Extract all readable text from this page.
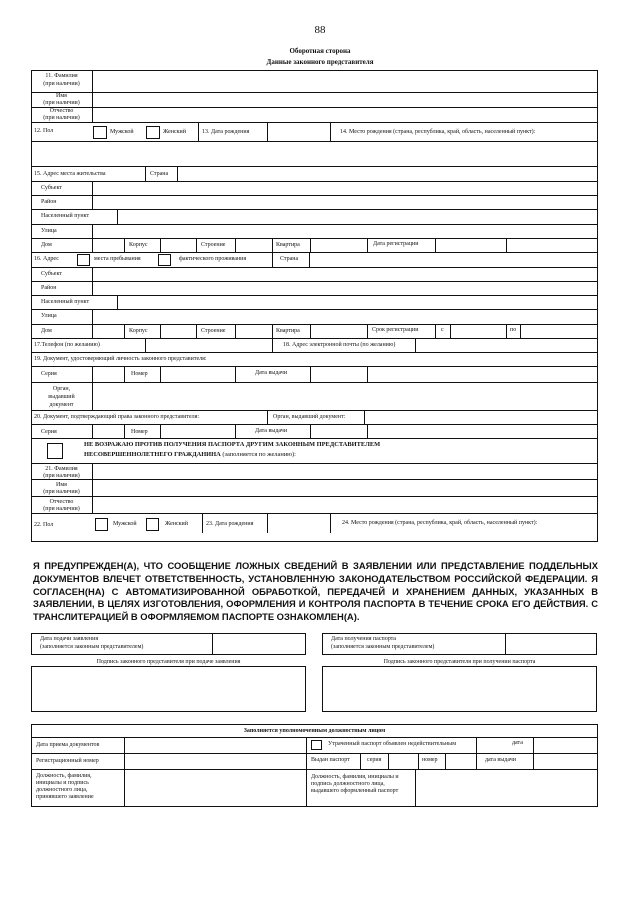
88
Оборотная сторона
Данные законного представителя
11. Фамилия
(при наличии)
Имя
(при наличии)
Отчество
(при наличии)
12. Пол	Мужской	Женский	13. Дата рождения	14. Место рождения (страна, республика, край, область, населенный пункт):
15. Адрес места жительства	Страна
Субъект
Район
Населенный пункт
Улица
Дом	Корпус	Строение	Квартира	Дата регистрации
16. Адрес	места пребывания	фактического проживания	Страна
Субъект
Район
Населенный пункт
Улица
Дом	Корпус	Строение	Квартира	Срок регистрации	с	по
17.Телефон (по желанию)	18. Адрес электронной почты (по желанию)
19. Документ, удостоверяющий личность законного представителя:
Серия	Номер	Дата выдачи
Орган,
выдавший
документ
20. Документ, подтверждающий права законного представителя:	Орган, выдавший документ:
Серия	Номер	Дата выдачи
НЕ ВОЗРАЖАЮ ПРОТИВ ПОЛУЧЕНИЯ ПАСПОРТА ДРУГИМ ЗАКОННЫМ ПРЕДСТАВИТЕЛЕМ
НЕСОВЕРШЕННОЛЕТНЕГО ГРАЖДАНИНА (заполняется по желанию):
21. Фамилия
(при наличии)
Имя
(при наличии)
Отчество
(при наличии)
22. Пол	Мужской	Женский	23. Дата рождения	24. Место рождения (страна, республика, край, область, населенный пункт):
Я ПРЕДУПРЕЖДЕН(А), ЧТО СООБЩЕНИЕ ЛОЖНЫХ СВЕДЕНИЙ В ЗАЯВЛЕНИИ ИЛИ ПРЕДСТАВЛЕНИЕ ПОДДЕЛЬНЫХ ДОКУМЕНТОВ ВЛЕЧЕТ ОТВЕТСТВЕННОСТЬ, УСТАНОВЛЕННУЮ ЗАКОНОДАТЕЛЬСТВОМ РОССИЙСКОЙ ФЕДЕРАЦИИ. Я СОГЛАСЕН(НА) С АВТОМАТИЗИРОВАННОЙ ОБРАБОТКОЙ, ПЕРЕДАЧЕЙ И ХРАНЕНИЕМ ДАННЫХ, УКАЗАННЫХ В ЗАЯВЛЕНИИ, В ЦЕЛЯХ ИЗГОТОВЛЕНИЯ, ОФОРМЛЕНИЯ И КОНТРОЛЯ ПАСПОРТА В ТЕЧЕНИЕ СРОКА ЕГО ДЕЙСТВИЯ. С ТРАНСЛИТЕРАЦИЕЙ В ОФОРМЛЯЕМОМ ПАСПОРТЕ ОЗНАКОМЛЕН(А).
Дата подачи заявления
(заполняется законным представителем)
Дата получения паспорта
(заполняется законным представителем)
Подпись законного представителя при подаче заявления	Подпись законного представителя при получении паспорта
Заполняется уполномоченным должностным лицом
Дата приема документов	Утраченный паспорт объявлен недействительным	дата
Регистрационный номер	Выдан паспорт	серия	номер	дата выдачи
Должность, фамилия,
инициалы и подпись
должностного лица,
принявшего заявление
Должность, фамилия, инициалы и
подпись должностного лица,
выдавшего оформленный паспорт
